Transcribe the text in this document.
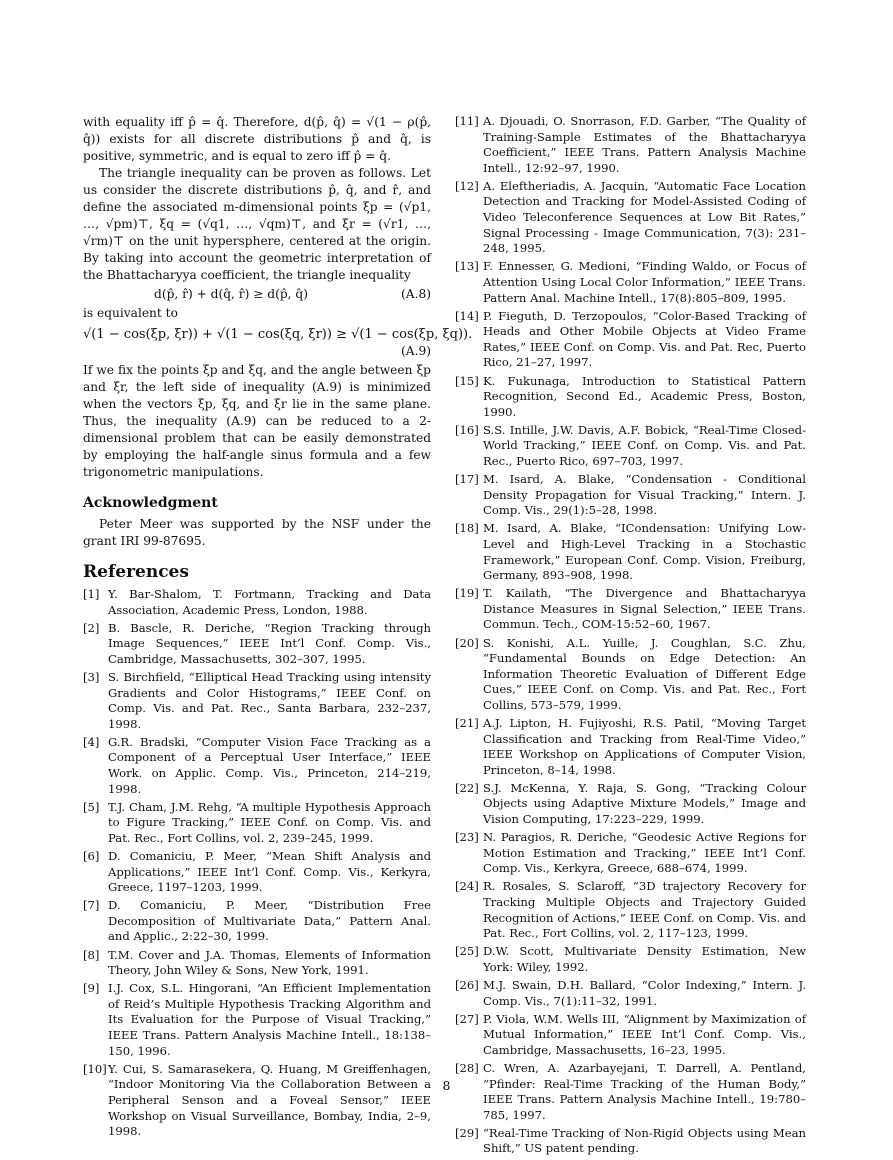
with equality iff p̂ = q̂. Therefore, d(p̂, q̂) = √(1 − ρ(p̂, q̂)) exists for all discrete distributions p̂ and q̂, is positive, symmetric, and is equal to zero iff p̂ = q̂.

The triangle inequality can be proven as follows. Let us consider the discrete distributions p̂, q̂, and r̂, and define the associated m-dimensional points ξp = (√p1, …, √pm)⊤, ξq = (√q1, …, √qm)⊤, and ξr = (√r1, …, √rm)⊤ on the unit hypersphere, centered at the origin. By taking into account the geometric interpretation of the Bhattacharyya coefficient, the triangle inequality

d(p̂, r̂) + d(q̂, r̂) ≥ d(p̂, q̂)	(A.8)

is equivalent to

√(1 − cos(ξp, ξr)) + √(1 − cos(ξq, ξr)) ≥ √(1 − cos(ξp, ξq)).
(A.9)

If we fix the points ξp and ξq, and the angle between ξp and ξr, the left side of inequality (A.9) is minimized when the vectors ξp, ξq, and ξr lie in the same plane. Thus, the inequality (A.9) can be reduced to a 2-dimensional problem that can be easily demonstrated by employing the half-angle sinus formula and a few trigonometric manipulations.

Acknowledgment

Peter Meer was supported by the NSF under the grant IRI 99-87695.

References
[1] Y. Bar-Shalom, T. Fortmann, Tracking and Data Association, Academic Press, London, 1988.
[2] B. Bascle, R. Deriche, “Region Tracking through Image Sequences,” IEEE Int’l Conf. Comp. Vis., Cambridge, Massachusetts, 302–307, 1995.
[3] S. Birchfield, “Elliptical Head Tracking using intensity Gradients and Color Histograms,” IEEE Conf. on Comp. Vis. and Pat. Rec., Santa Barbara, 232–237, 1998.
[4] G.R. Bradski, “Computer Vision Face Tracking as a Component of a Perceptual User Interface,” IEEE Work. on Applic. Comp. Vis., Princeton, 214–219, 1998.
[5] T.J. Cham, J.M. Rehg, “A multiple Hypothesis Approach to Figure Tracking,” IEEE Conf. on Comp. Vis. and Pat. Rec., Fort Collins, vol. 2, 239–245, 1999.
[6] D. Comaniciu, P. Meer, “Mean Shift Analysis and Applications,” IEEE Int’l Conf. Comp. Vis., Kerkyra, Greece, 1197–1203, 1999.
[7] D. Comaniciu, P. Meer, “Distribution Free Decomposition of Multivariate Data,” Pattern Anal. and Applic., 2:22–30, 1999.
[8] T.M. Cover and J.A. Thomas, Elements of Information Theory, John Wiley & Sons, New York, 1991.
[9] I.J. Cox, S.L. Hingorani, “An Efficient Implementation of Reid’s Multiple Hypothesis Tracking Algorithm and Its Evaluation for the Purpose of Visual Tracking,” IEEE Trans. Pattern Analysis Machine Intell., 18:138–150, 1996.
[10] Y. Cui, S. Samarasekera, Q. Huang, M Greiffenhagen, “Indoor Monitoring Via the Collaboration Between a Peripheral Senson and a Foveal Sensor,” IEEE Workshop on Visual Surveillance, Bombay, India, 2–9, 1998.
[11] A. Djouadi, O. Snorrason, F.D. Garber, “The Quality of Training-Sample Estimates of the Bhattacharyya Coefficient,” IEEE Trans. Pattern Analysis Machine Intell., 12:92–97, 1990.
[12] A. Eleftheriadis, A. Jacquin, “Automatic Face Location Detection and Tracking for Model-Assisted Coding of Video Teleconference Sequences at Low Bit Rates,” Signal Processing - Image Communication, 7(3): 231–248, 1995.
[13] F. Ennesser, G. Medioni, “Finding Waldo, or Focus of Attention Using Local Color Information,” IEEE Trans. Pattern Anal. Machine Intell., 17(8):805–809, 1995.
[14] P. Fieguth, D. Terzopoulos, “Color-Based Tracking of Heads and Other Mobile Objects at Video Frame Rates,” IEEE Conf. on Comp. Vis. and Pat. Rec, Puerto Rico, 21–27, 1997.
[15] K. Fukunaga, Introduction to Statistical Pattern Recognition, Second Ed., Academic Press, Boston, 1990.
[16] S.S. Intille, J.W. Davis, A.F. Bobick, “Real-Time Closed-World Tracking,” IEEE Conf. on Comp. Vis. and Pat. Rec., Puerto Rico, 697–703, 1997.
[17] M. Isard, A. Blake, “Condensation - Conditional Density Propagation for Visual Tracking,” Intern. J. Comp. Vis., 29(1):5–28, 1998.
[18] M. Isard, A. Blake, “ICondensation: Unifying Low-Level and High-Level Tracking in a Stochastic Framework,” European Conf. Comp. Vision, Freiburg, Germany, 893–908, 1998.
[19] T. Kailath, “The Divergence and Bhattacharyya Distance Measures in Signal Selection,” IEEE Trans. Commun. Tech., COM-15:52–60, 1967.
[20] S. Konishi, A.L. Yuille, J. Coughlan, S.C. Zhu, “Fundamental Bounds on Edge Detection: An Information Theoretic Evaluation of Different Edge Cues,” IEEE Conf. on Comp. Vis. and Pat. Rec., Fort Collins, 573–579, 1999.
[21] A.J. Lipton, H. Fujiyoshi, R.S. Patil, “Moving Target Classification and Tracking from Real-Time Video,” IEEE Workshop on Applications of Computer Vision, Princeton, 8–14, 1998.
[22] S.J. McKenna, Y. Raja, S. Gong, “Tracking Colour Objects using Adaptive Mixture Models,” Image and Vision Computing, 17:223–229, 1999.
[23] N. Paragios, R. Deriche, “Geodesic Active Regions for Motion Estimation and Tracking,” IEEE Int’l Conf. Comp. Vis., Kerkyra, Greece, 688–674, 1999.
[24] R. Rosales, S. Sclaroff, “3D trajectory Recovery for Tracking Multiple Objects and Trajectory Guided Recognition of Actions,” IEEE Conf. on Comp. Vis. and Pat. Rec., Fort Collins, vol. 2, 117–123, 1999.
[25] D.W. Scott, Multivariate Density Estimation, New York: Wiley, 1992.
[26] M.J. Swain, D.H. Ballard, “Color Indexing,” Intern. J. Comp. Vis., 7(1):11–32, 1991.
[27] P. Viola, W.M. Wells III, “Alignment by Maximization of Mutual Information,” IEEE Int’l Conf. Comp. Vis., Cambridge, Massachusetts, 16–23, 1995.
[28] C. Wren, A. Azarbayejani, T. Darrell, A. Pentland, “Pfinder: Real-Time Tracking of the Human Body,” IEEE Trans. Pattern Analysis Machine Intell., 19:780–785, 1997.
[29] “Real-Time Tracking of Non-Rigid Objects using Mean Shift,” US patent pending.
8
